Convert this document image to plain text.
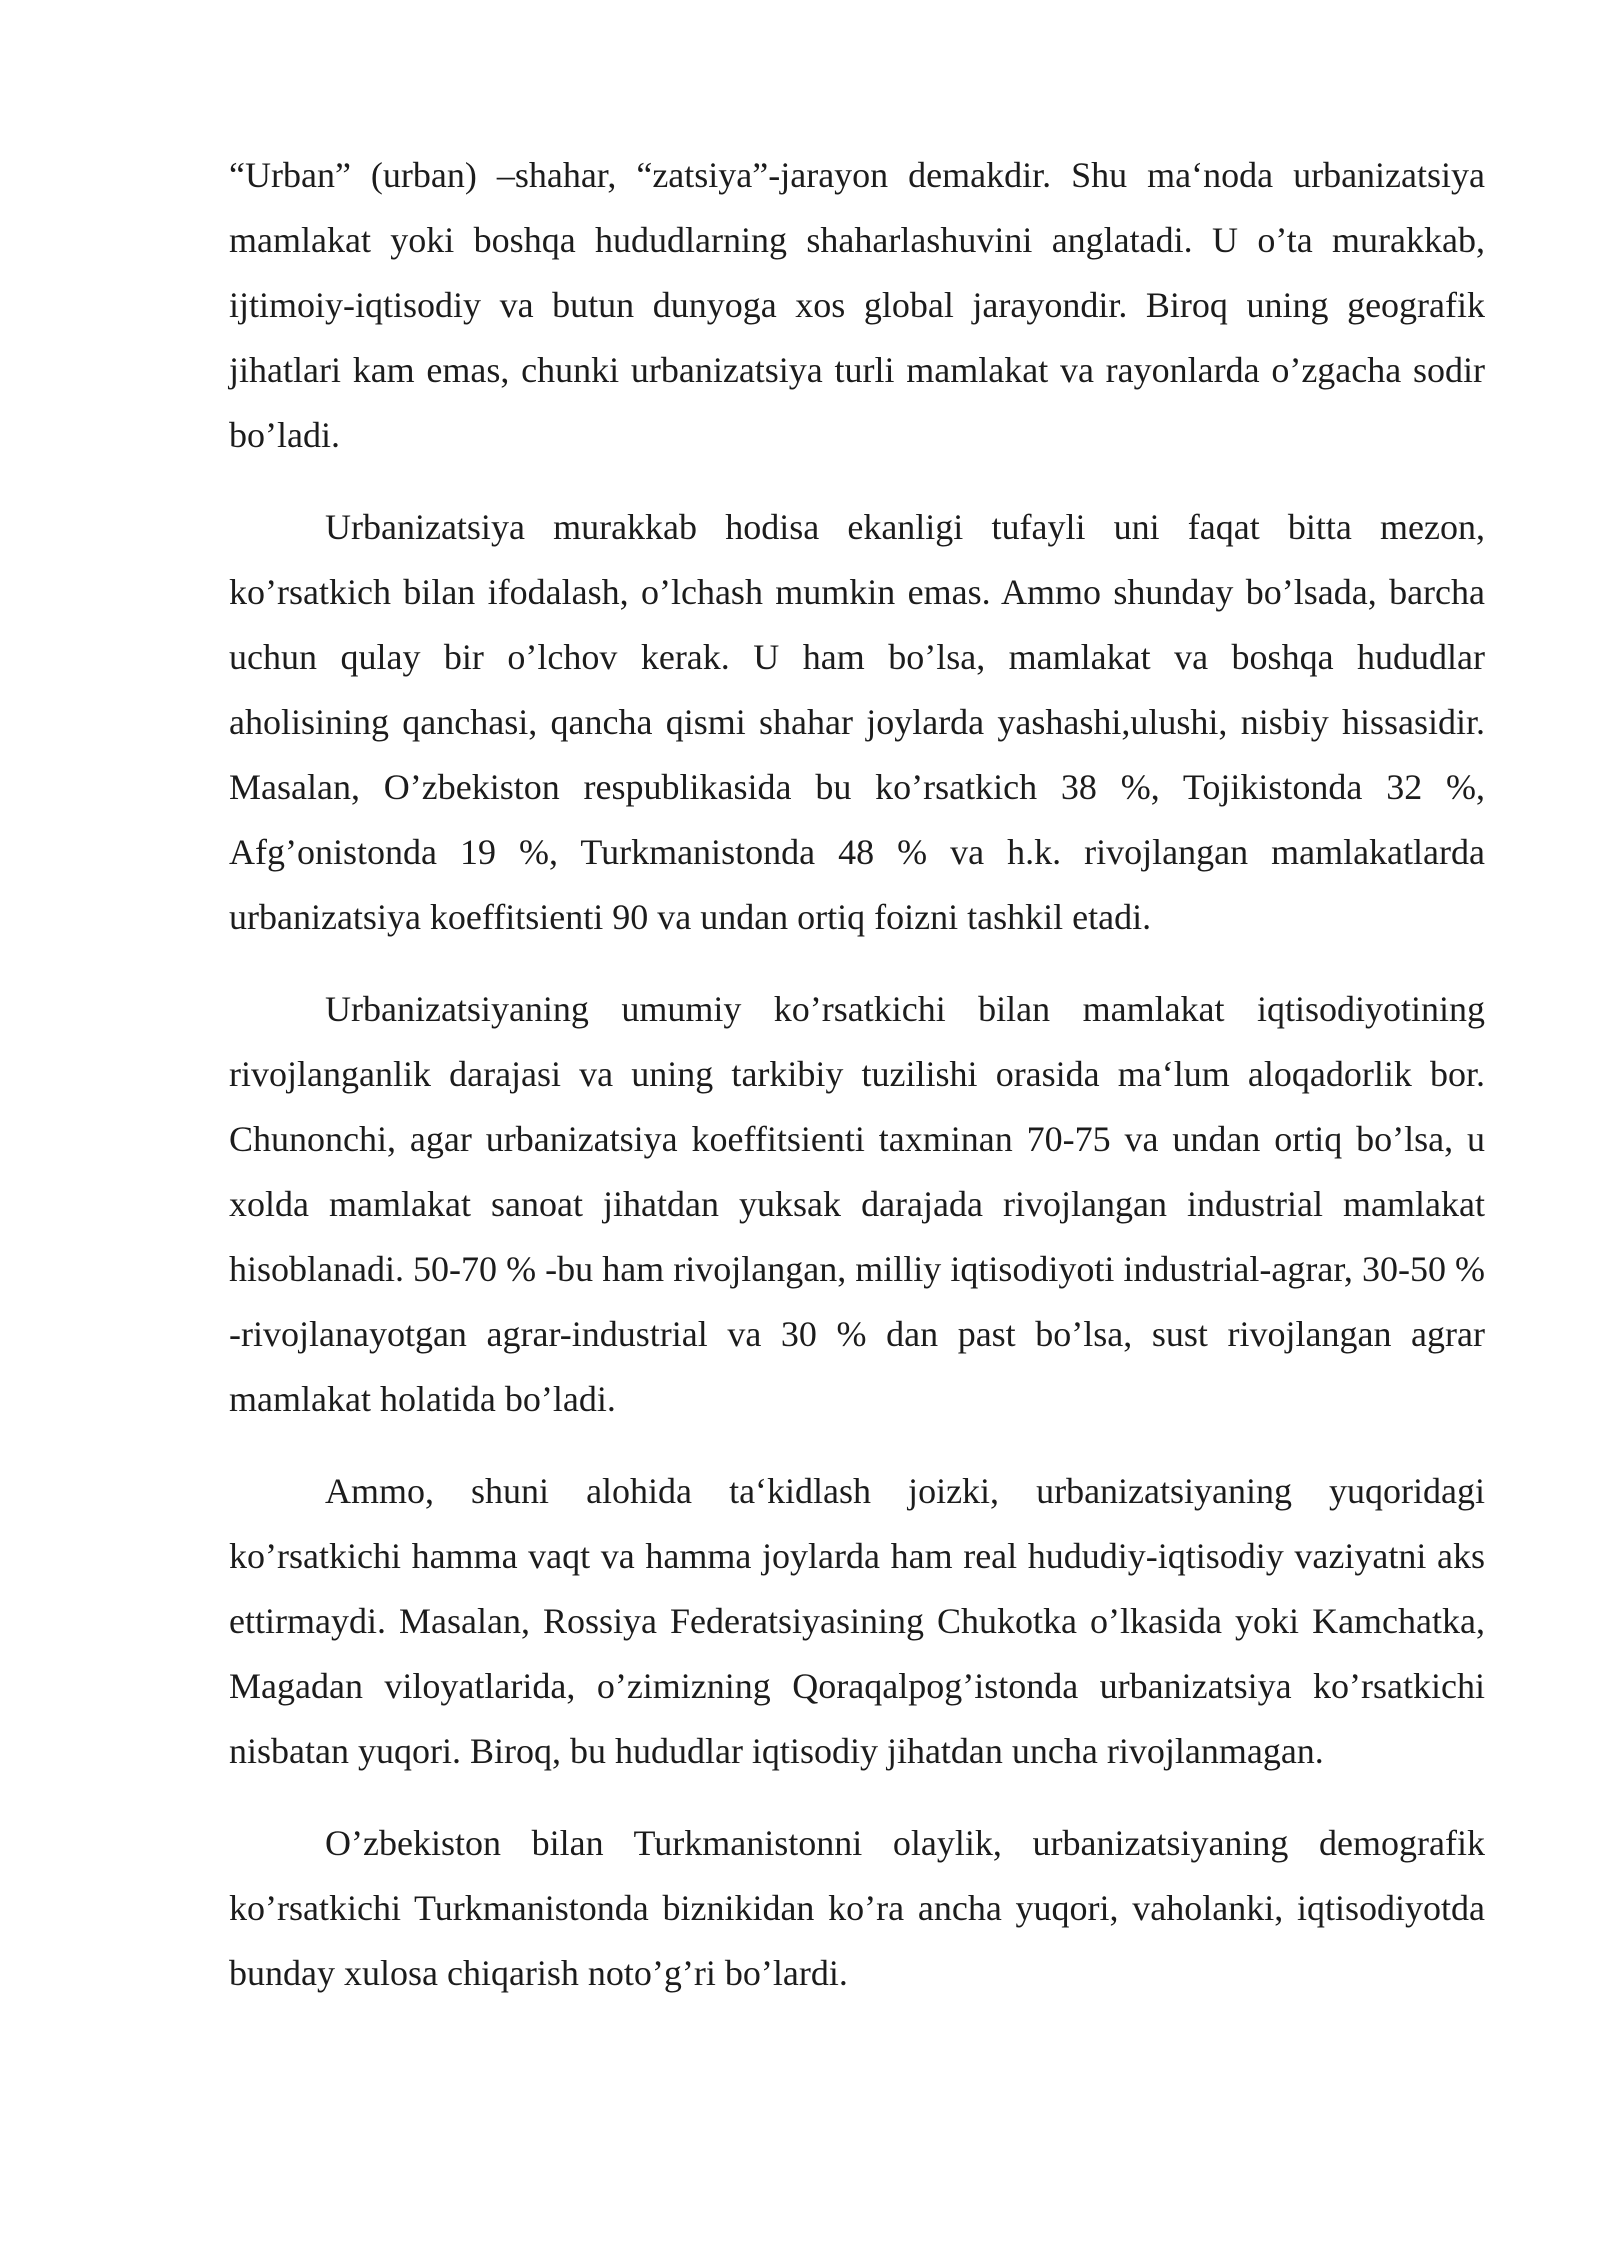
“Urban” (urban) –shahar, “zatsiya”-jarayon demakdir. Shu ma‘noda urbanizatsiya mamlakat yoki boshqa hududlarning shaharlashuvini anglatadi. U o’ta murakkab, ijtimoiy-iqtisodiy va butun dunyoga xos global jarayondir. Biroq uning geografik jihatlari kam emas, chunki urbanizatsiya turli mamlakat va rayonlarda o’zgacha sodir bo’ladi.

Urbanizatsiya murakkab hodisa ekanligi tufayli uni faqat bitta mezon, ko’rsatkich bilan ifodalash, o’lchash mumkin emas. Ammo shunday bo’lsada, barcha uchun qulay bir o’lchov kerak. U ham bo’lsa, mamlakat va boshqa hududlar aholisining qanchasi, qancha qismi shahar joylarda yashashi,ulushi, nisbiy hissasidir. Masalan, O’zbekiston respublikasida bu ko’rsatkich 38 %, Tojikistonda 32 %, Afg’onistonda 19 %, Turkmanistonda 48 % va h.k. rivojlangan mamlakatlarda urbanizatsiya koeffitsienti 90 va undan ortiq foizni tashkil etadi.

Urbanizatsiyaning umumiy ko’rsatkichi bilan mamlakat iqtisodiyotining rivojlanganlik darajasi va uning tarkibiy tuzilishi orasida ma‘lum aloqadorlik bor. Chunonchi, agar urbanizatsiya koeffitsienti taxminan 70-75 va undan ortiq bo’lsa, u xolda mamlakat sanoat jihatdan yuksak darajada rivojlangan industrial mamlakat hisoblanadi. 50-70 % -bu ham rivojlangan, milliy iqtisodiyoti industrial-agrar, 30-50 % -rivojlanayotgan agrar-industrial va 30 % dan past bo’lsa, sust rivojlangan agrar mamlakat holatida bo’ladi.

Ammo, shuni alohida ta‘kidlash joizki, urbanizatsiyaning yuqoridagi ko’rsatkichi hamma vaqt va hamma joylarda ham real hududiy-iqtisodiy vaziyatni aks ettirmaydi. Masalan, Rossiya Federatsiyasining Chukotka o’lkasida yoki Kamchatka, Magadan viloyatlarida, o’zimizning Qoraqalpog’istonda urbanizatsiya ko’rsatkichi nisbatan yuqori. Biroq, bu hududlar iqtisodiy jihatdan uncha rivojlanmagan.

O’zbekiston bilan Turkmanistonni olaylik, urbanizatsiyaning demografik ko’rsatkichi Turkmanistonda biznikidan ko’ra ancha yuqori, vaholanki, iqtisodiyotda bunday xulosa chiqarish noto’g’ri bo’lardi.
